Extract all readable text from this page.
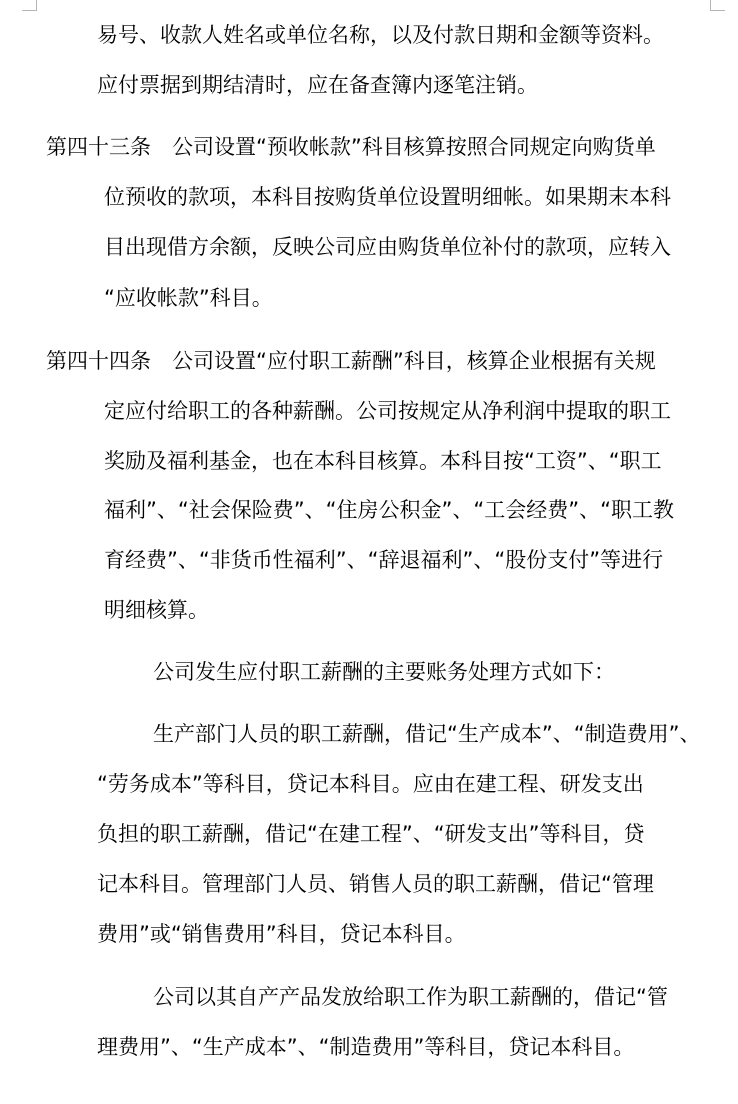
易号、收款人姓名或单位名称，以及付款日期和金额等资料。
应付票据到期结清时，应在备查簿内逐笔注销。
第四十三条　公司设置“预收帐款”科目核算按照合同规定向购货单
位预收的款项，本科目按购货单位设置明细帐。如果期末本科
目出现借方余额，反映公司应由购货单位补付的款项，应转入
“应收帐款”科目。
第四十四条　公司设置“应付职工薪酬”科目，核算企业根据有关规
定应付给职工的各种薪酬。公司按规定从净利润中提取的职工
奖励及福利基金，也在本科目核算。本科目按“工资”、“职工
福利”、“社会保险费”、“住房公积金”、“工会经费”、“职工教
育经费”、“非货币性福利”、“辞退福利”、“股份支付”等进行
明细核算。
公司发生应付职工薪酬的主要账务处理方式如下：
生产部门人员的职工薪酬，借记“生产成本”、“制造费用”、
“劳务成本”等科目，贷记本科目。应由在建工程、研发支出
负担的职工薪酬，借记“在建工程”、“研发支出”等科目，贷
记本科目。管理部门人员、销售人员的职工薪酬，借记“管理
费用”或“销售费用”科目，贷记本科目。
公司以其自产产品发放给职工作为职工薪酬的，借记“管
理费用”、“生产成本”、“制造费用”等科目，贷记本科目。
